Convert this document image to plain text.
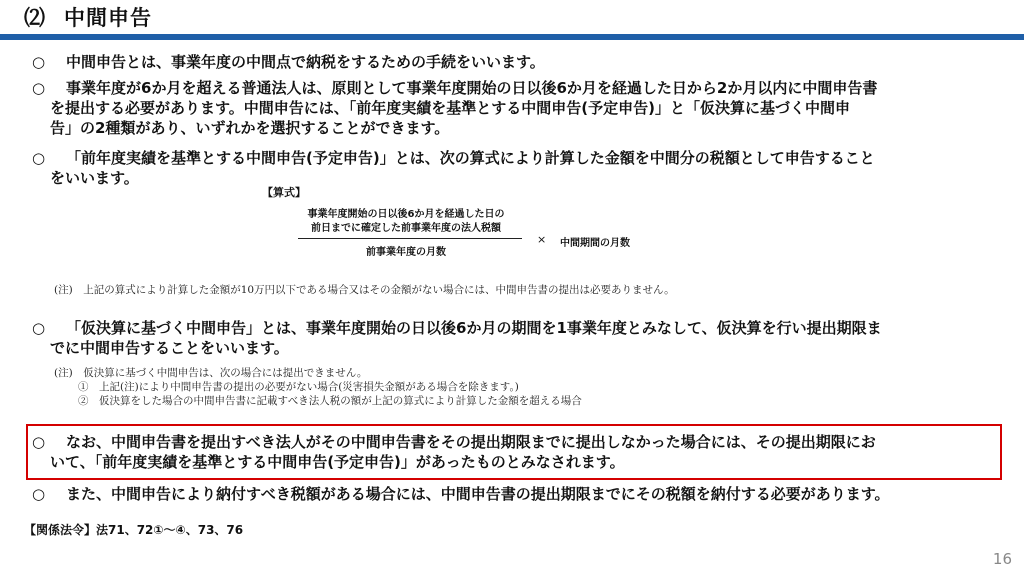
⑵ 中間申告
○ 中間申告とは、事業年度の中間点で納税をするための手続をいいます。
○ 事業年度が6か月を超える普通法人は、原則として事業年度開始の日以後6か月を経過した日から2か月以内に中間申告書
を提出する必要があります。中間申告には、「前年度実績を基準とする中間申告(予定申告)」と「仮決算に基づく中間申
告」の2種類があり、いずれかを選択することができます。
○ 「前年度実績を基準とする中間申告(予定申告)」とは、次の算式により計算した金額を中間分の税額として申告すること
をいいます。
【算式】
事業年度開始の日以後6か月を経過した日の
前日までに確定した前事業年度の法人税額
前事業年度の月数
× 中間期間の月数
(注)　上記の算式により計算した金額が10万円以下である場合又はその金額がない場合には、中間申告書の提出は必要ありません。
○ 「仮決算に基づく中間申告」とは、事業年度開始の日以後6か月の期間を1事業年度とみなして、仮決算を行い提出期限ま
でに中間申告することをいいます。
(注)　仮決算に基づく中間申告は、次の場合には提出できません。
①　上記(注)により中間申告書の提出の必要がない場合(災害損失金額がある場合を除きます。)
②　仮決算をした場合の中間申告書に記載すべき法人税の額が上記の算式により計算した金額を超える場合
○ なお、中間申告書を提出すべき法人がその中間申告書をその提出期限までに提出しなかった場合には、その提出期限にお
いて、「前年度実績を基準とする中間申告(予定申告)」があったものとみなされます。
○ また、中間申告により納付すべき税額がある場合には、中間申告書の提出期限までにその税額を納付する必要があります。
【関係法令】法71、72①～④、73、76
16
